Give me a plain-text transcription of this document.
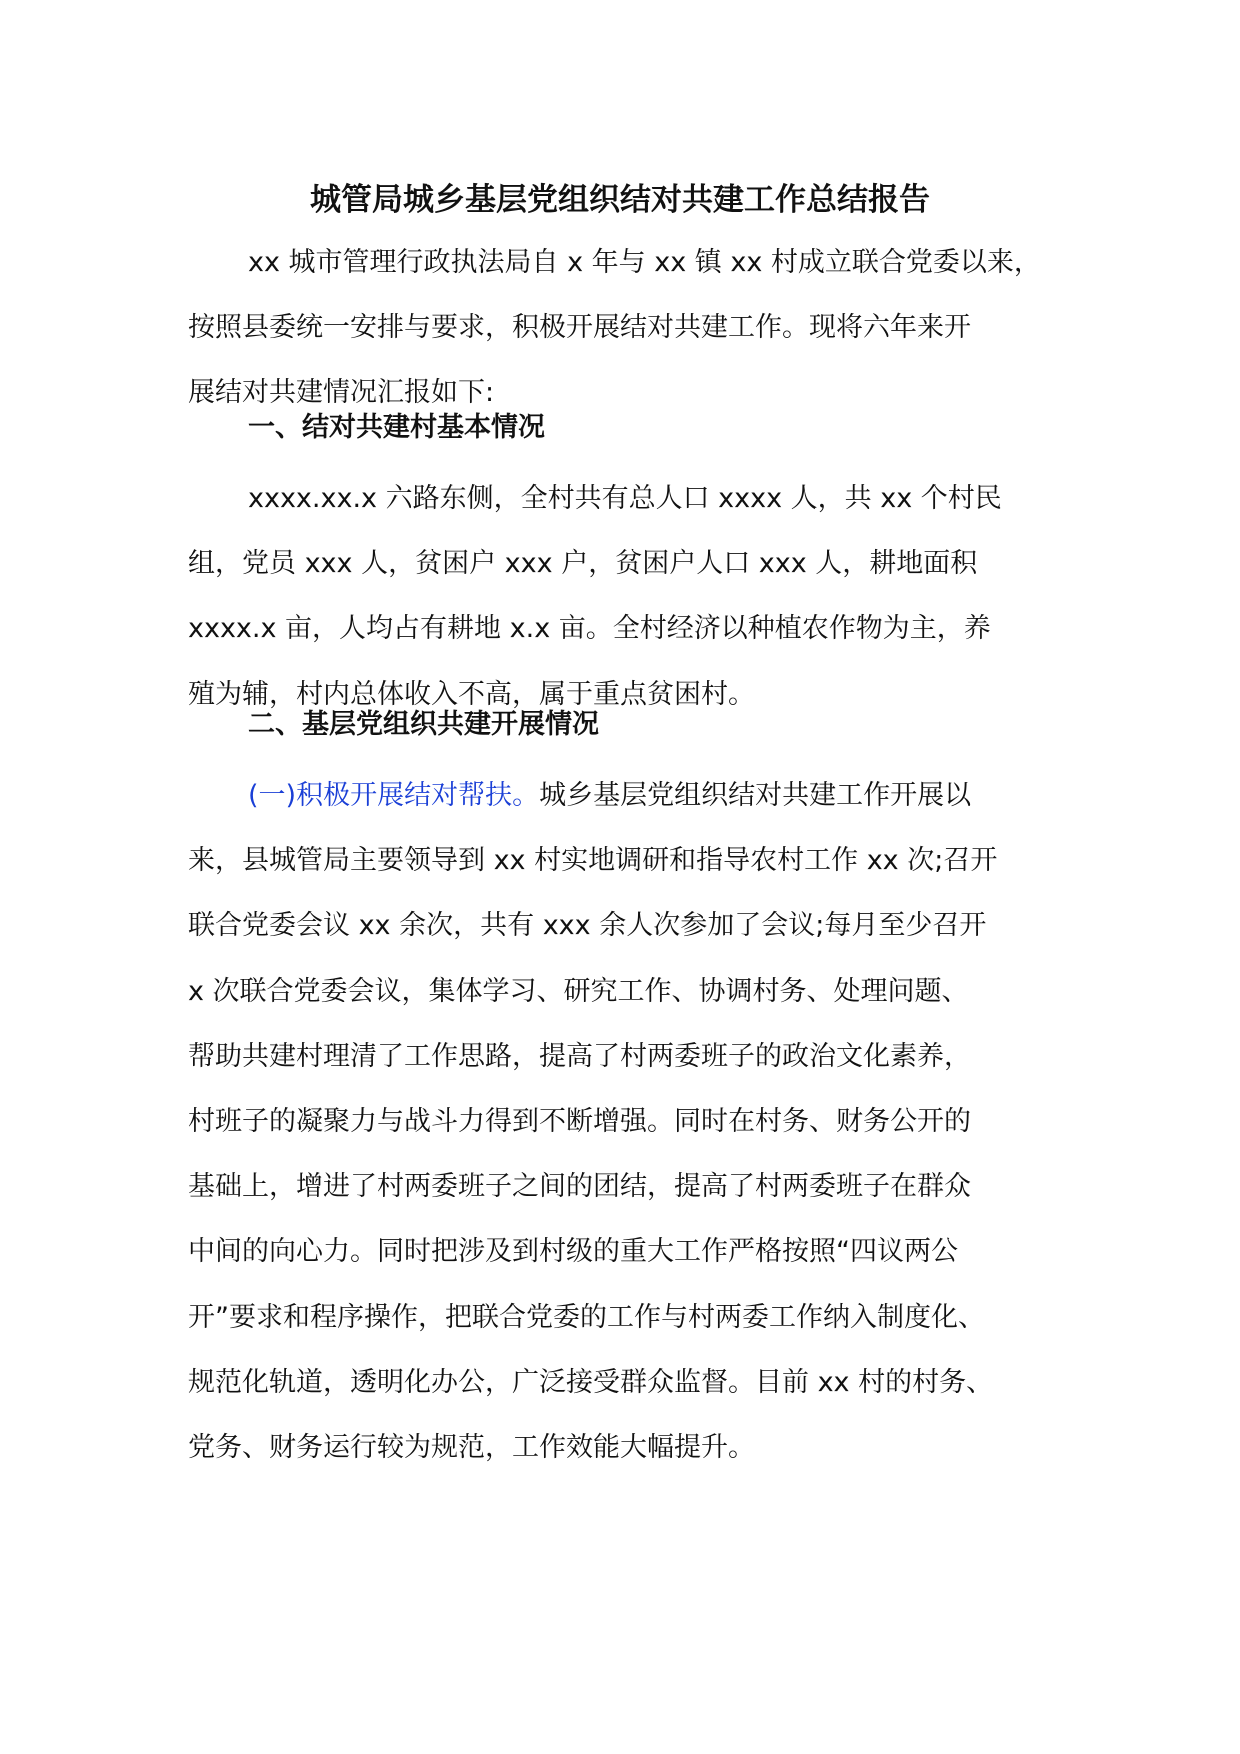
城管局城乡基层党组织结对共建工作总结报告
xx 城市管理行政执法局自 x 年与 xx 镇 xx 村成立联合党委以来，
按照县委统一安排与要求，积极开展结对共建工作。现将六年来开
展结对共建情况汇报如下:
一、结对共建村基本情况
xxxx.xx.x 六路东侧，全村共有总人口 xxxx 人，共 xx 个村民
组，党员 xxx 人，贫困户 xxx 户，贫困户人口 xxx 人，耕地面积
xxxx.x 亩，人均占有耕地 x.x 亩。全村经济以种植农作物为主，养
殖为辅，村内总体收入不高，属于重点贫困村。
二、基层党组织共建开展情况
(一)积极开展结对帮扶。城乡基层党组织结对共建工作开展以
来，县城管局主要领导到 xx 村实地调研和指导农村工作 xx 次;召开
联合党委会议 xx 余次，共有 xxx 余人次参加了会议;每月至少召开
x 次联合党委会议，集体学习、研究工作、协调村务、处理问题、
帮助共建村理清了工作思路，提高了村两委班子的政治文化素养，
村班子的凝聚力与战斗力得到不断增强。同时在村务、财务公开的
基础上，增进了村两委班子之间的团结，提高了村两委班子在群众
中间的向心力。同时把涉及到村级的重大工作严格按照“四议两公
开”要求和程序操作，把联合党委的工作与村两委工作纳入制度化、
规范化轨道，透明化办公，广泛接受群众监督。目前 xx 村的村务、
党务、财务运行较为规范，工作效能大幅提升。
